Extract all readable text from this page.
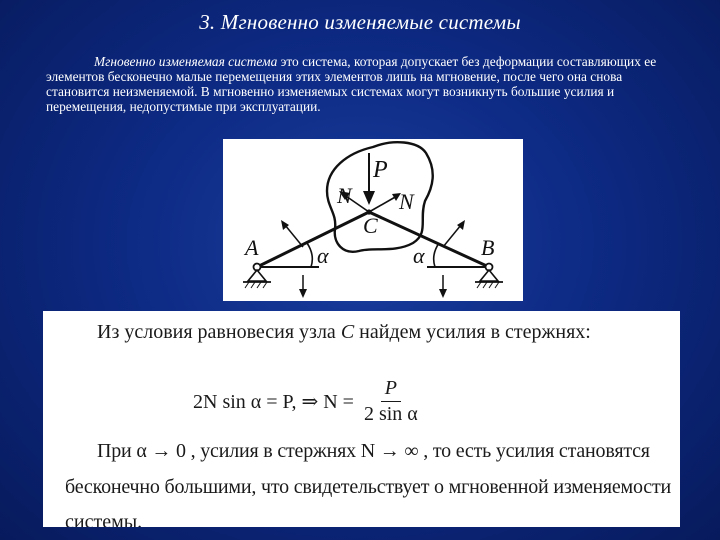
3. Мгновенно изменяемые системы
Мгновенно изменяемая система это система, которая допускает без деформации составляющих ее элементов бесконечно малые перемещения этих элементов лишь на мгновение, после чего она снова становится неизменяемой. В мгновенно изменяемых системах могут возникнуть большие усилия и перемещения, недопустимые при эксплуатации.
P
N N
C
A	B
α	α
Из условия равновесия узла C найдем усилия в стержнях:
2N sin α = P, ⇒ $N = \frac{P}{\text{2 sin α}}$
При α → 0 , усилия в стержнях N → ∞ , то есть усилия становятся
бесконечно большими, что свидетельствует о мгновенной изменяемости
системы.
